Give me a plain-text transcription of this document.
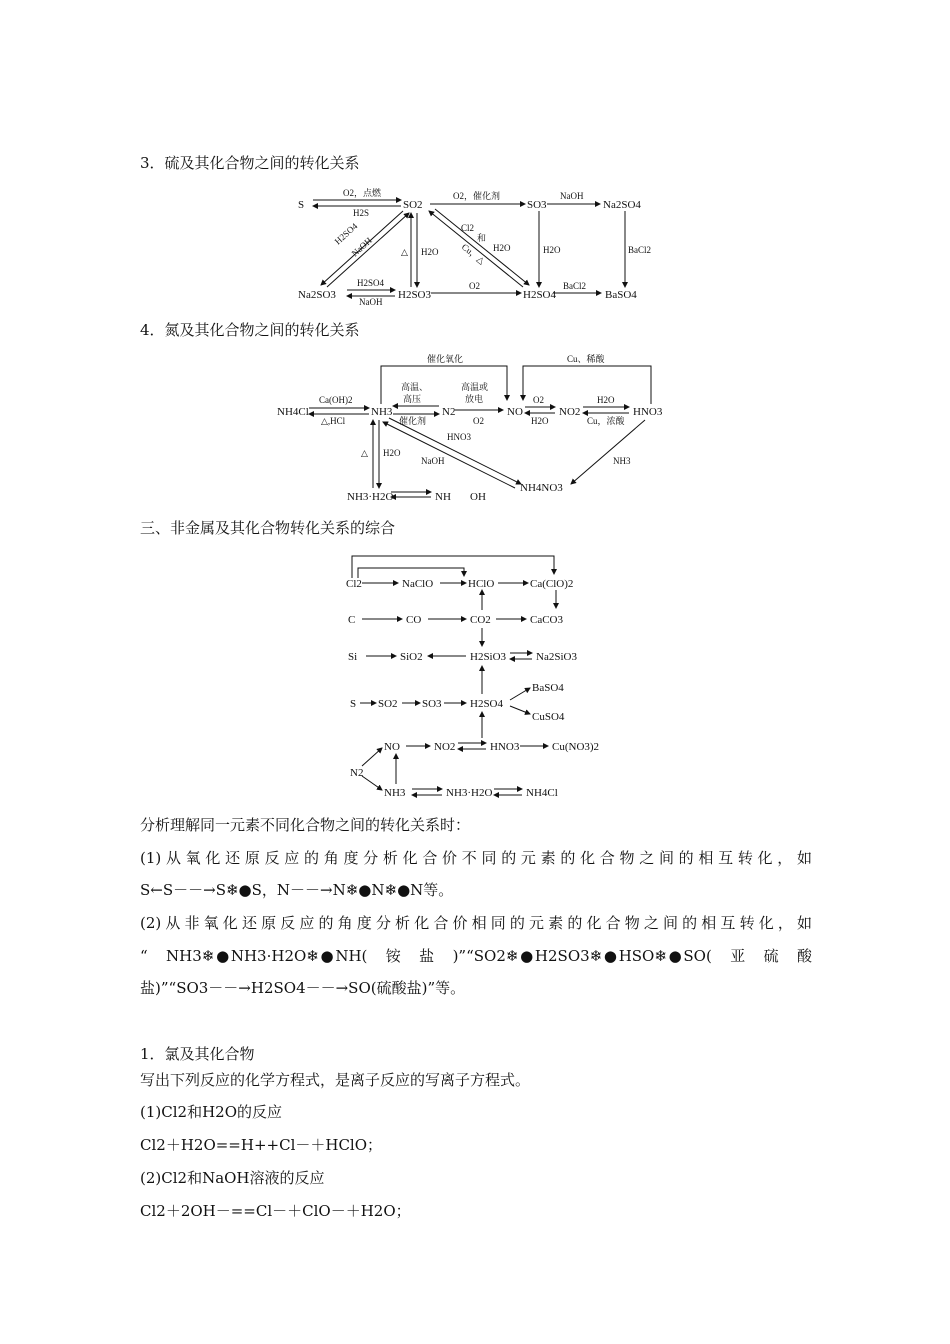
3．硫及其化合物之间的转化关系
4．氮及其化合物之间的转化关系
三、非金属及其化合物转化关系的综合
S	SO2	SO3	Na2SO4
Na2SO3	H2SO3	H2SO4	BaSO4
O2，点燃
H2S
O2，催化剂	NaOH
BaCl2
H2SO4
NaOH	△ H2O
Cl2
和
Cu，△ H2O	H2O
H2SO4
NaOH
O2	BaCl2
NH4Cl	NH3	N2	NO	NO2	HNO3
NH4NO3
NH3·H2O	NH OH
催化氧化	Cu、稀酸
Ca(OH)2
△,HCl
高温、
高压
催化剂
高温或
放电
O2
O2
H2O
H2O
Cu，浓酸
△ H2O
HNO3
NaOH	NH3
Cl2	NaClO	HClO	Ca(ClO)2
C	CO	CO2	CaCO3
Si	SiO2	H2SiO3	Na2SiO3
S SO2 SO3	H2SO4
BaSO4
CuSO4
N2
NO	NO2	HNO3	Cu(NO3)2
NH3	NH3·H2O	NH4Cl
分析理解同一元素不同化合物之间的转化关系时：
(1)从氧化还原反应的角度分析化合价不同的元素的化合物之间的相互转化，如
S←S－－→S❄●S，N－－→N❄●N❄●N等。
(2)从非氧化还原反应的角度分析化合价相同的元素的化合物之间的相互转化，如
“　NH3❄●NH3·H2O❄●NH(　铵　盐　)”“SO2❄●H2SO3❄●HSO❄●SO(　亚　硫　酸
盐)”“SO3－－→H2SO4－－→SO(硫酸盐)”等。
1．氯及其化合物
写出下列反应的化学方程式，是离子反应的写离子方程式。
(1)Cl2和H2O的反应
Cl2＋H2O==H++Cl－＋HClO；
(2)Cl2和NaOH溶液的反应
Cl2＋2OH－==Cl－＋ClO－＋H2O；
